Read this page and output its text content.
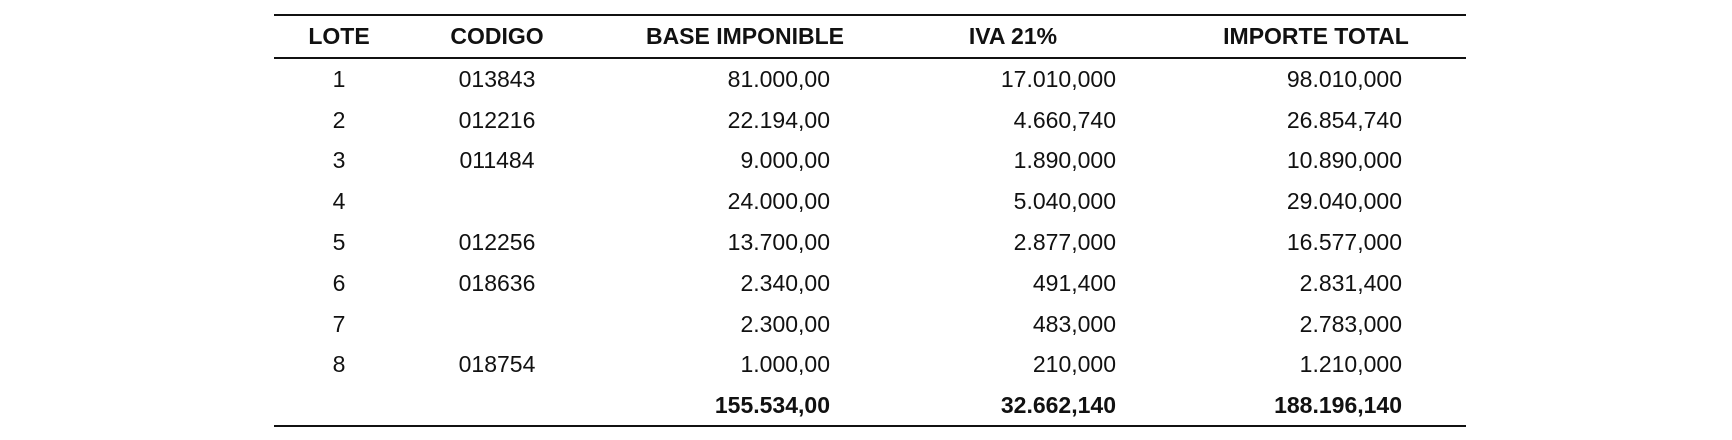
LOTE	CODIGO	BASE IMPONIBLE	IVA 21%	IMPORTE TOTAL
1	013843	81.000,00	17.010,000	98.010,000
2	012216	22.194,00	4.660,740	26.854,740
3	011484	9.000,00	1.890,000	10.890,000
4		24.000,00	5.040,000	29.040,000
5	012256	13.700,00	2.877,000	16.577,000
6	018636	2.340,00	491,400	2.831,400
7		2.300,00	483,000	2.783,000
8	018754	1.000,00	210,000	1.210,000
		155.534,00	32.662,140	188.196,140
